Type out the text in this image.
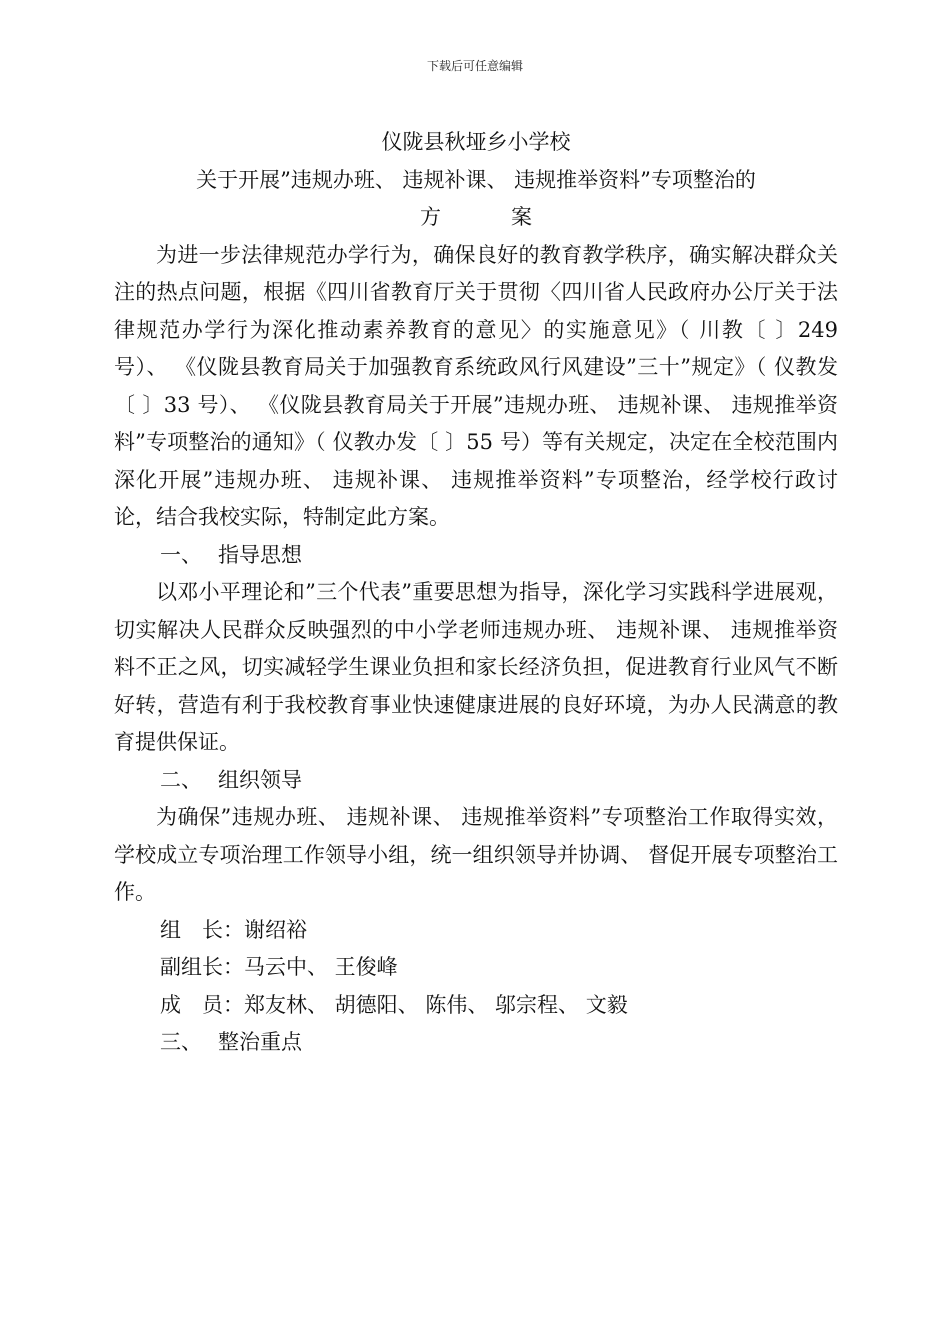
下载后可任意编辑

仪陇县秋垭乡小学校

关于开展”违规办班、 违规补课、 违规推举资料”专项整治的

方	案

为进一步法律规范办学行为，确保良好的教育教学秩序，确实解决群众关注的热点问题，根据《四川省教育厅关于贯彻〈四川省人民政府办公厅关于法律规范办学行为深化推动素养教育的意见〉的实施意见》（ 川教〔 〕249 号）、 《仪陇县教育局关于加强教育系统政风行风建设”三十”规定》（ 仪教发〔 〕33 号）、 《仪陇县教育局关于开展”违规办班、 违规补课、 违规推举资料”专项整治的通知》（ 仪教办发〔 〕55 号）等有关规定，决定在全校范围内深化开展”违规办班、 违规补课、 违规推举资料”专项整治，经学校行政讨论，结合我校实际，特制定此方案。

一、 指导思想

以邓小平理论和”三个代表”重要思想为指导，深化学习实践科学进展观，切实解决人民群众反映强烈的中小学老师违规办班、 违规补课、 违规推举资料不正之风，切实减轻学生课业负担和家长经济负担，促进教育行业风气不断好转，营造有利于我校教育事业快速健康进展的良好环境，为办人民满意的教育提供保证。

二、 组织领导

为确保”违规办班、 违规补课、 违规推举资料”专项整治工作取得实效，学校成立专项治理工作领导小组，统一组织领导并协调、 督促开展专项整治工作。

组　长：谢绍裕

副组长：马云中、 王俊峰

成　员：郑友林、 胡德阳、 陈伟、 邬宗程、 文毅

三、 整治重点
